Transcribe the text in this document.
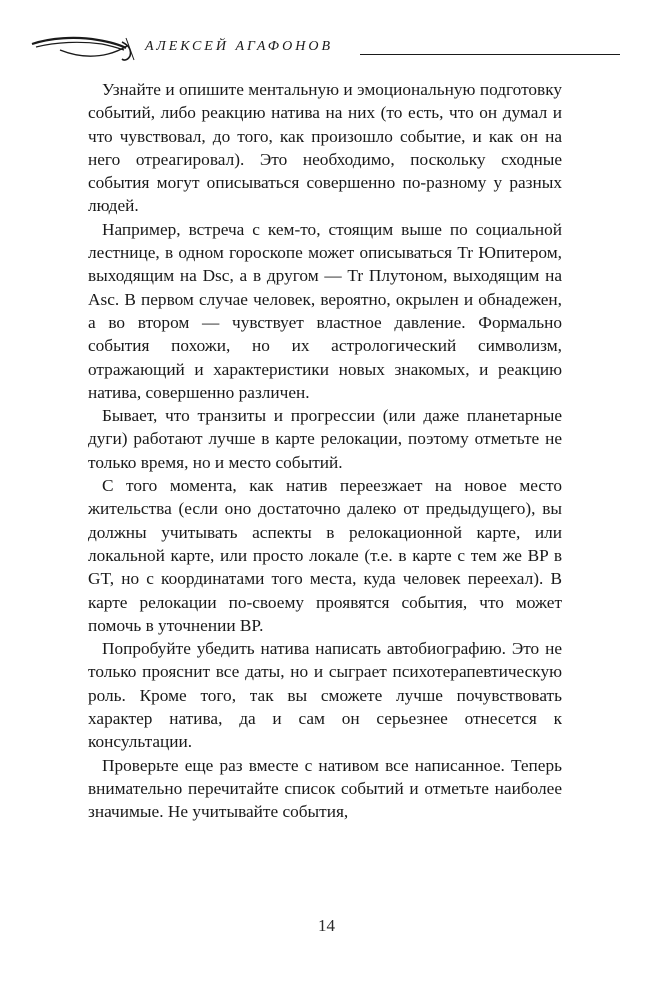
АЛЕКСЕЙ АГАФОНОВ

Узнайте и опишите ментальную и эмоциональную подготовку событий, либо реакцию натива на них (то есть, что он думал и что чувствовал, до того, как произошло событие, и как он на него отреагировал). Это необходимо, поскольку сходные события могут описываться совершенно по-разному у разных людей.

Например, встреча с кем-то, стоящим выше по социальной лестнице, в одном гороскопе может описываться Tr Юпитером, выходящим на Dsc, а в другом — Tr Плутоном, выходящим на Asc. В первом случае человек, вероятно, окрылен и обнадежен, а во втором — чувствует властное давление. Формально события похожи, но их астрологический символизм, отражающий и характеристики новых знакомых, и реакцию натива, совершенно различен.

Бывает, что транзиты и прогрессии (или даже планетарные дуги) работают лучше в карте релокации, поэтому отметьте не только время, но и место событий.

С того момента, как натив переезжает на новое место жительства (если оно достаточно далеко от предыдущего), вы должны учитывать аспекты в релокационной карте, или локальной карте, или просто локале (т.е. в карте с тем же BP в GT, но с координатами того места, куда человек переехал). В карте релокации по-своему проявятся события, что может помочь в уточнении BP.

Попробуйте убедить натива написать автобиографию. Это не только прояснит все даты, но и сыграет психотерапевтическую роль. Кроме того, так вы сможете лучше почувствовать характер натива, да и сам он серьезнее отнесется к консультации.

Проверьте еще раз вместе с нативом все написанное. Теперь внимательно перечитайте список событий и отметьте наиболее значимые. Не учитывайте события,

14
